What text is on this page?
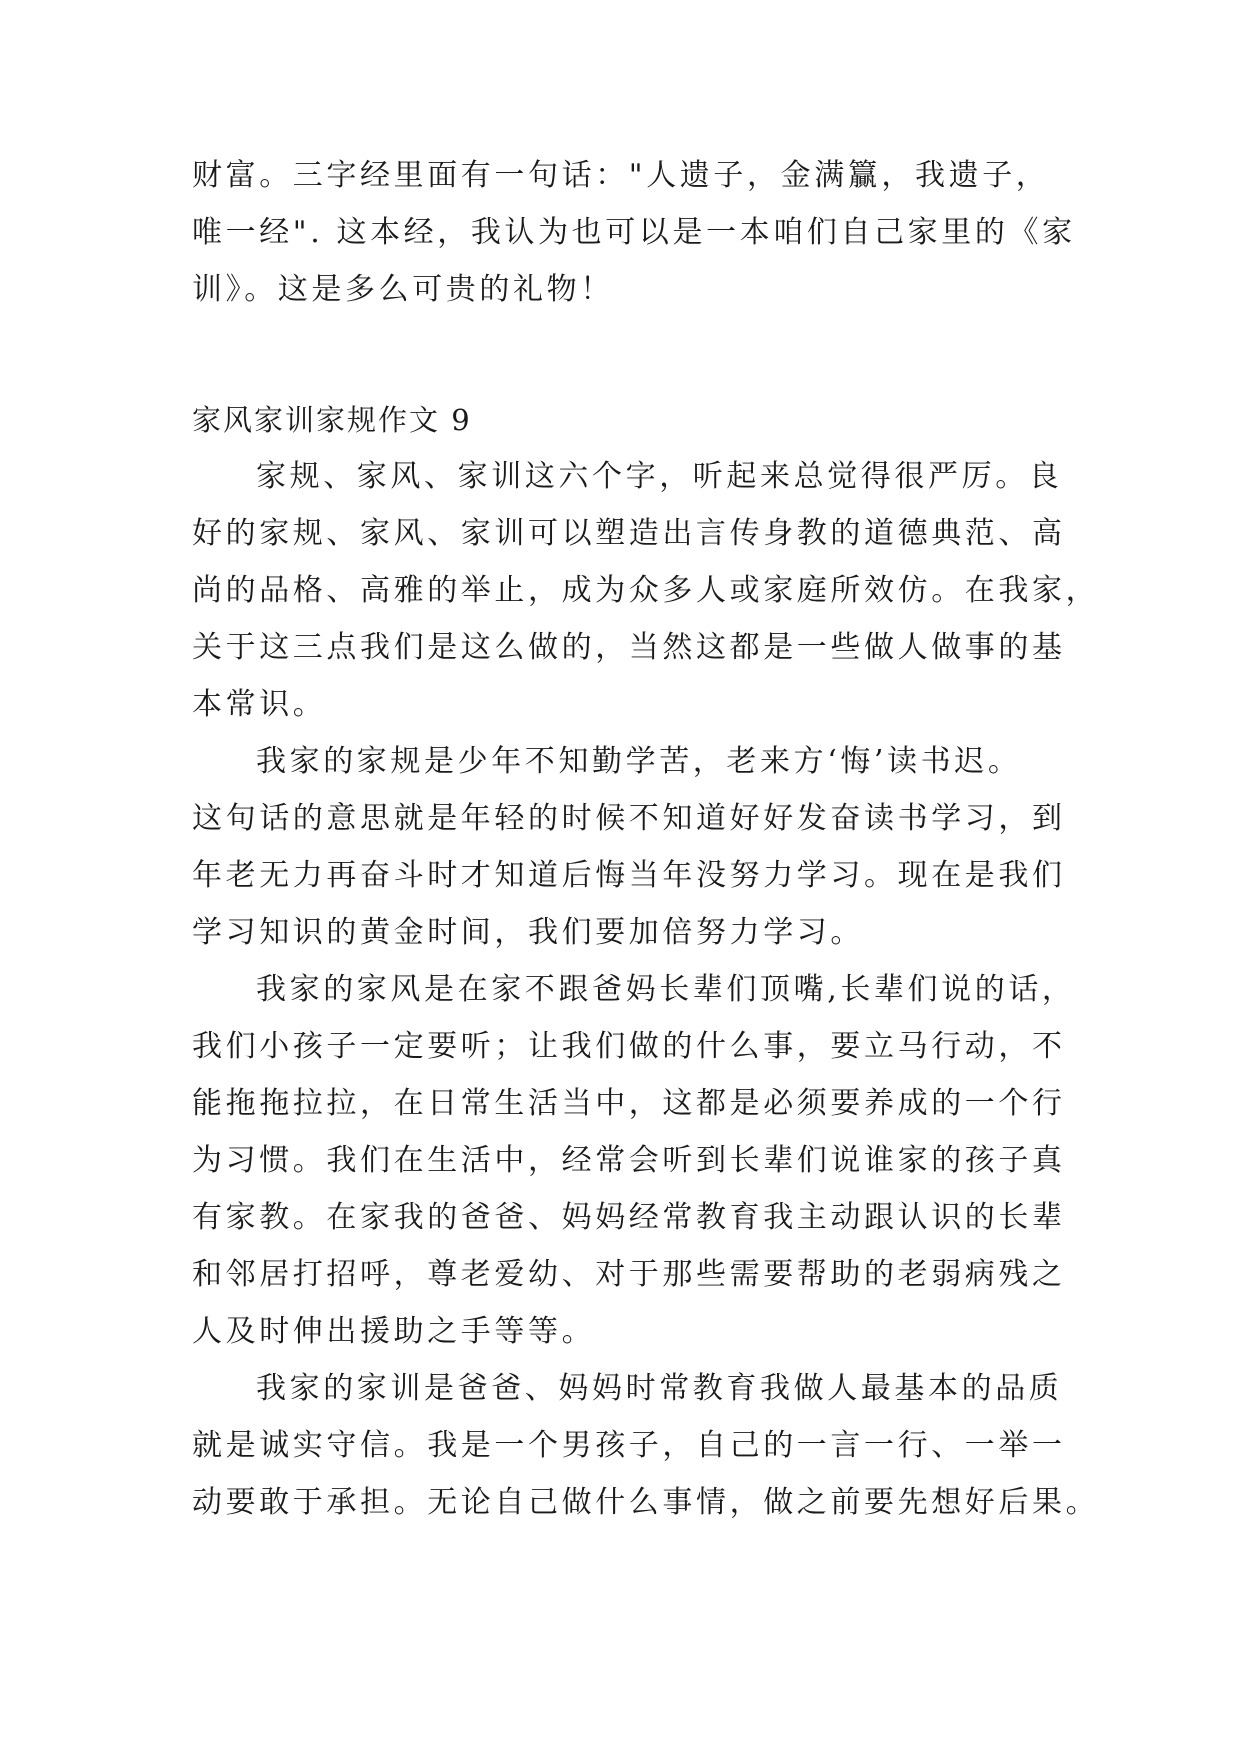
财富。三字经里面有一句话："人遗子，金满籯，我遗子，
唯一经". 这本经，我认为也可以是一本咱们自己家里的《家
训》。这是多么可贵的礼物！
家风家训家规作文 9
家规、家风、家训这六个字，听起来总觉得很严厉。良
好的家规、家风、家训可以塑造出言传身教的道德典范、高
尚的品格、高雅的举止，成为众多人或家庭所效仿。在我家，
关于这三点我们是这么做的，当然这都是一些做人做事的基
本常识。
我家的家规是少年不知勤学苦，老来方‘悔’读书迟。
这句话的意思就是年轻的时候不知道好好发奋读书学习，到
年老无力再奋斗时才知道后悔当年没努力学习。现在是我们
学习知识的黄金时间，我们要加倍努力学习。
我家的家风是在家不跟爸妈长辈们顶嘴,长辈们说的话，
我们小孩子一定要听；让我们做的什么事，要立马行动，不
能拖拖拉拉，在日常生活当中，这都是必须要养成的一个行
为习惯。我们在生活中，经常会听到长辈们说谁家的孩子真
有家教。在家我的爸爸、妈妈经常教育我主动跟认识的长辈
和邻居打招呼，尊老爱幼、对于那些需要帮助的老弱病残之
人及时伸出援助之手等等。
我家的家训是爸爸、妈妈时常教育我做人最基本的品质
就是诚实守信。我是一个男孩子，自己的一言一行、一举一
动要敢于承担。无论自己做什么事情，做之前要先想好后果。
